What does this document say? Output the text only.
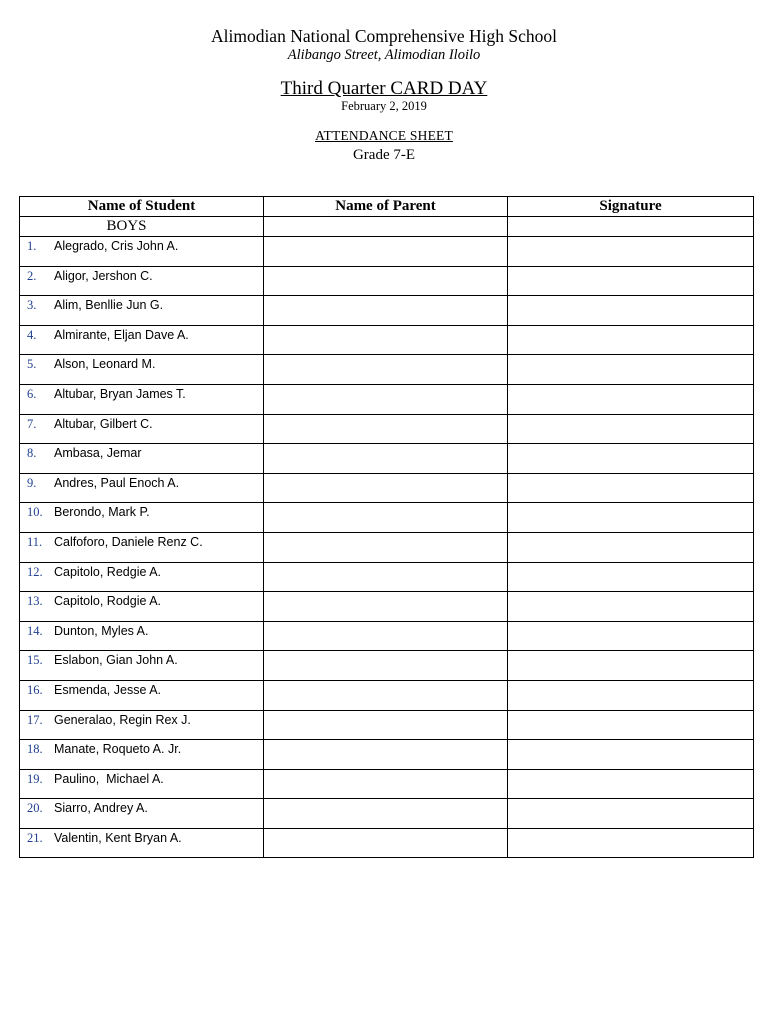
Alimodian National Comprehensive High School
Alibango Street, Alimodian Iloilo
Third Quarter CARD DAY
February 2, 2019
ATTENDANCE SHEET
Grade 7-E
Name of Student	Name of Parent	Signature

BOYS		

1. Alegrado, Cris John A.		

2. Aligor, Jershon C.		

3. Alim, Benllie Jun G.		

4. Almirante, Eljan Dave A.		

5. Alson, Leonard M.		

6. Altubar, Bryan James T.		

7. Altubar, Gilbert C.		

8. Ambasa, Jemar		

9. Andres, Paul Enoch A.		

10. Berondo, Mark P.		

11. Calfoforo, Daniele Renz C.		

12. Capitolo, Redgie A.		

13. Capitolo, Rodgie A.		

14. Dunton, Myles A.		

15. Eslabon, Gian John A.		

16. Esmenda, Jesse A.		

17. Generalao, Regin Rex J.		

18. Manate, Roqueto A. Jr.		

19. Paulino,  Michael A.		

20. Siarro, Andrey A.		

21. Valentin, Kent Bryan A.		
